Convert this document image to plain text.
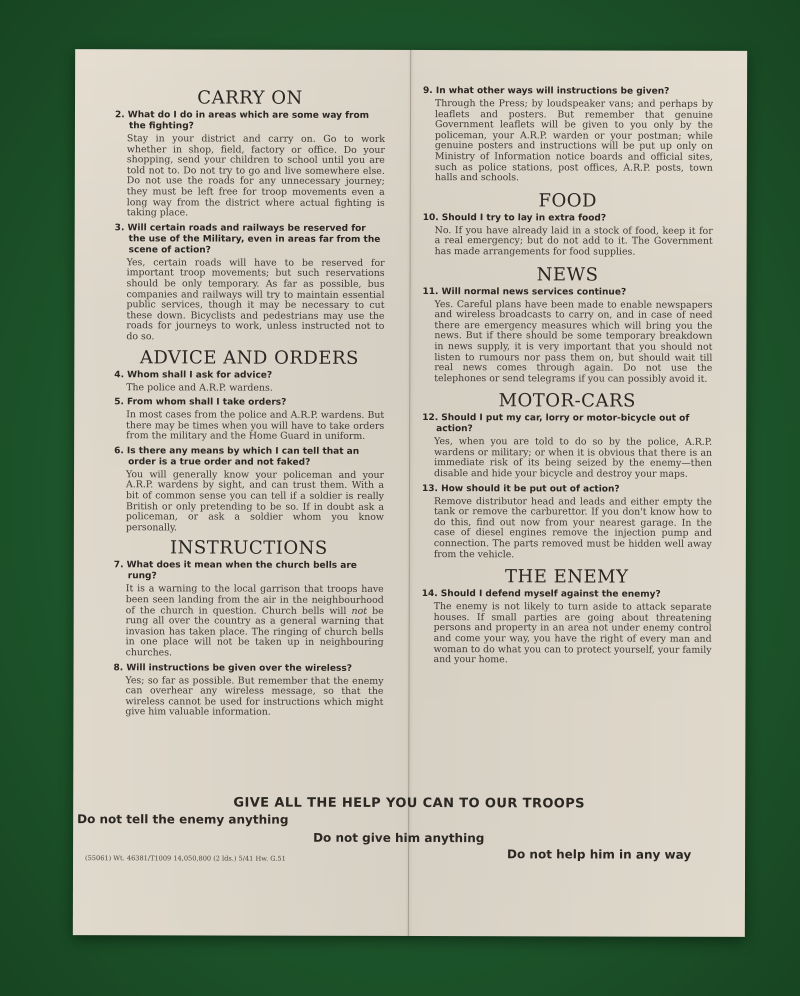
CARRY ON
2. What do I do in areas which are some way from the fighting?
Stay in your district and carry on. Go to work whether in shop, field, factory or office. Do your shopping, send your children to school until you are told not to. Do not try to go and live somewhere else. Do not use the roads for any unnecessary journey; they must be left free for troop movements even a long way from the district where actual fighting is taking place.
3. Will certain roads and railways be reserved for the use of the Military, even in areas far from the scene of action?
Yes, certain roads will have to be reserved for important troop movements; but such reservations should be only temporary. As far as possible, bus companies and railways will try to maintain essential public services, though it may be necessary to cut these down. Bicyclists and pedestrians may use the roads for journeys to work, unless instructed not to do so.
ADVICE AND ORDERS
4. Whom shall I ask for advice?
The police and A.R.P. wardens.
5. From whom shall I take orders?
In most cases from the police and A.R.P. wardens. But there may be times when you will have to take orders from the military and the Home Guard in uniform.
6. Is there any means by which I can tell that an order is a true order and not faked?
You will generally know your policeman and your A.R.P. wardens by sight, and can trust them. With a bit of common sense you can tell if a soldier is really British or only pretending to be so. If in doubt ask a policeman, or ask a soldier whom you know personally.
INSTRUCTIONS
7. What does it mean when the church bells are rung?
It is a warning to the local garrison that troops have been seen landing from the air in the neighbourhood of the church in question. Church bells will not be rung all over the country as a general warning that invasion has taken place. The ringing of church bells in one place will not be taken up in neighbouring churches.
8. Will instructions be given over the wireless?
Yes; so far as possible. But remember that the enemy can overhear any wireless message, so that the wireless cannot be used for instructions which might give him valuable information.
9. In what other ways will instructions be given?
Through the Press; by loudspeaker vans; and perhaps by leaflets and posters. But remember that genuine Government leaflets will be given to you only by the policeman, your A.R.P. warden or your postman; while genuine posters and instructions will be put up only on Ministry of Information notice boards and official sites, such as police stations, post offices, A.R.P. posts, town halls and schools.
FOOD
10. Should I try to lay in extra food?
No. If you have already laid in a stock of food, keep it for a real emergency; but do not add to it. The Government has made arrangements for food supplies.
NEWS
11. Will normal news services continue?
Yes. Careful plans have been made to enable newspapers and wireless broadcasts to carry on, and in case of need there are emergency measures which will bring you the news. But if there should be some temporary breakdown in news supply, it is very important that you should not listen to rumours nor pass them on, but should wait till real news comes through again. Do not use the telephones or send telegrams if you can possibly avoid it.
MOTOR-CARS
12. Should I put my car, lorry or motor-bicycle out of action?
Yes, when you are told to do so by the police, A.R.P. wardens or military; or when it is obvious that there is an immediate risk of its being seized by the enemy—then disable and hide your bicycle and destroy your maps.
13. How should it be put out of action?
Remove distributor head and leads and either empty the tank or remove the carburettor. If you don't know how to do this, find out now from your nearest garage. In the case of diesel engines remove the injection pump and connection. The parts removed must be hidden well away from the vehicle.
THE ENEMY
14. Should I defend myself against the enemy?
The enemy is not likely to turn aside to attack separate houses. If small parties are going about threatening persons and property in an area not under enemy control and come your way, you have the right of every man and woman to do what you can to protect yourself, your family and your home.
GIVE ALL THE HELP YOU CAN TO OUR TROOPS
Do not tell the enemy anything
Do not give him anything
Do not help him in any way
(55061) Wt. 46381/T1009 14,050,800 (2 lds.) 5/41 Hw. G.51
